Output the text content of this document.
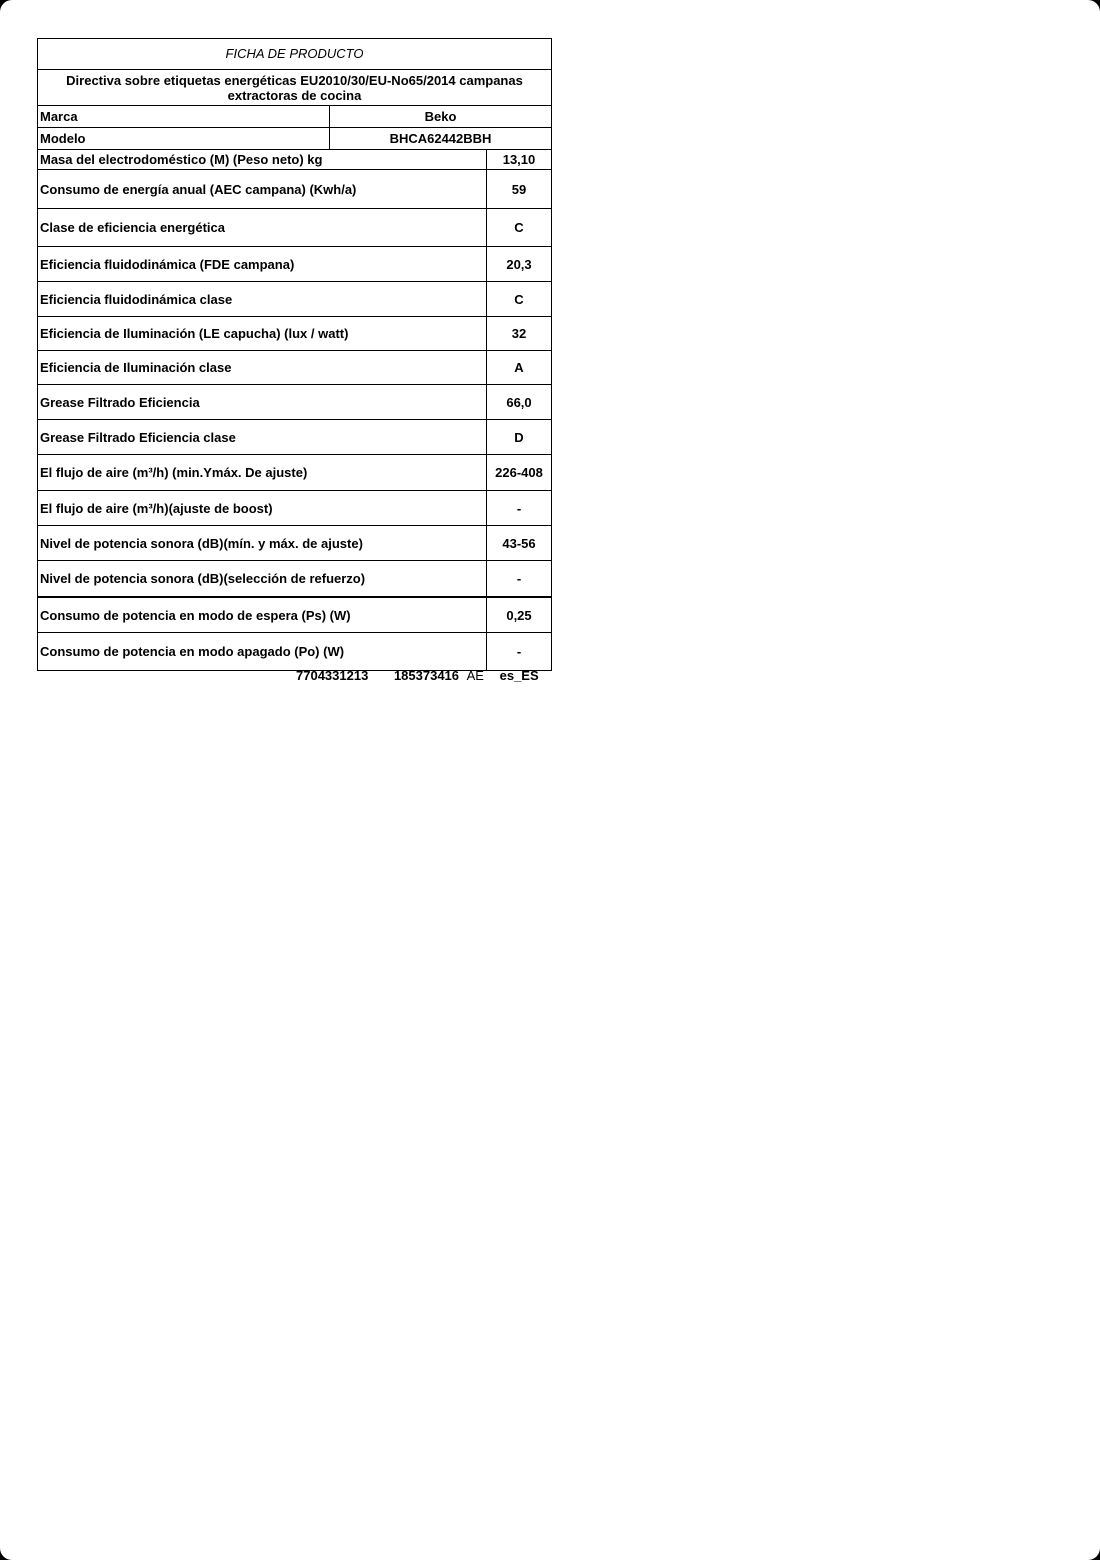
FICHA DE PRODUCTO
Directiva sobre etiquetas energéticas EU2010/30/EU-No65/2014 campanas extractoras de cocina
Marca	Beko
Modelo	BHCA62442BBH
Masa del electrodoméstico (M) (Peso neto) kg	13,10
Consumo de energía anual (AEC campana) (Kwh/a)	59
Clase de eficiencia energética	C
Eficiencia fluidodinámica (FDE campana)	20,3
Eficiencia fluidodinámica clase	C
Eficiencia de Iluminación (LE capucha) (lux / watt)	32
Eficiencia de Iluminación clase	A
Grease Filtrado Eficiencia	66,0
Grease Filtrado Eficiencia clase	D
El flujo de aire (m³/h) (min.Ymáx. De ajuste)	226-408
El flujo de aire (m³/h)(ajuste de boost)	-
Nivel de potencia sonora (dB)(mín. y máx. de ajuste)	43-56
Nivel de potencia sonora (dB)(selección de refuerzo)	-
Consumo de potencia en modo de espera (Ps) (W)	0,25
Consumo de potencia en modo apagado (Po) (W)	-
7704331213 185373416 AE es_ES
